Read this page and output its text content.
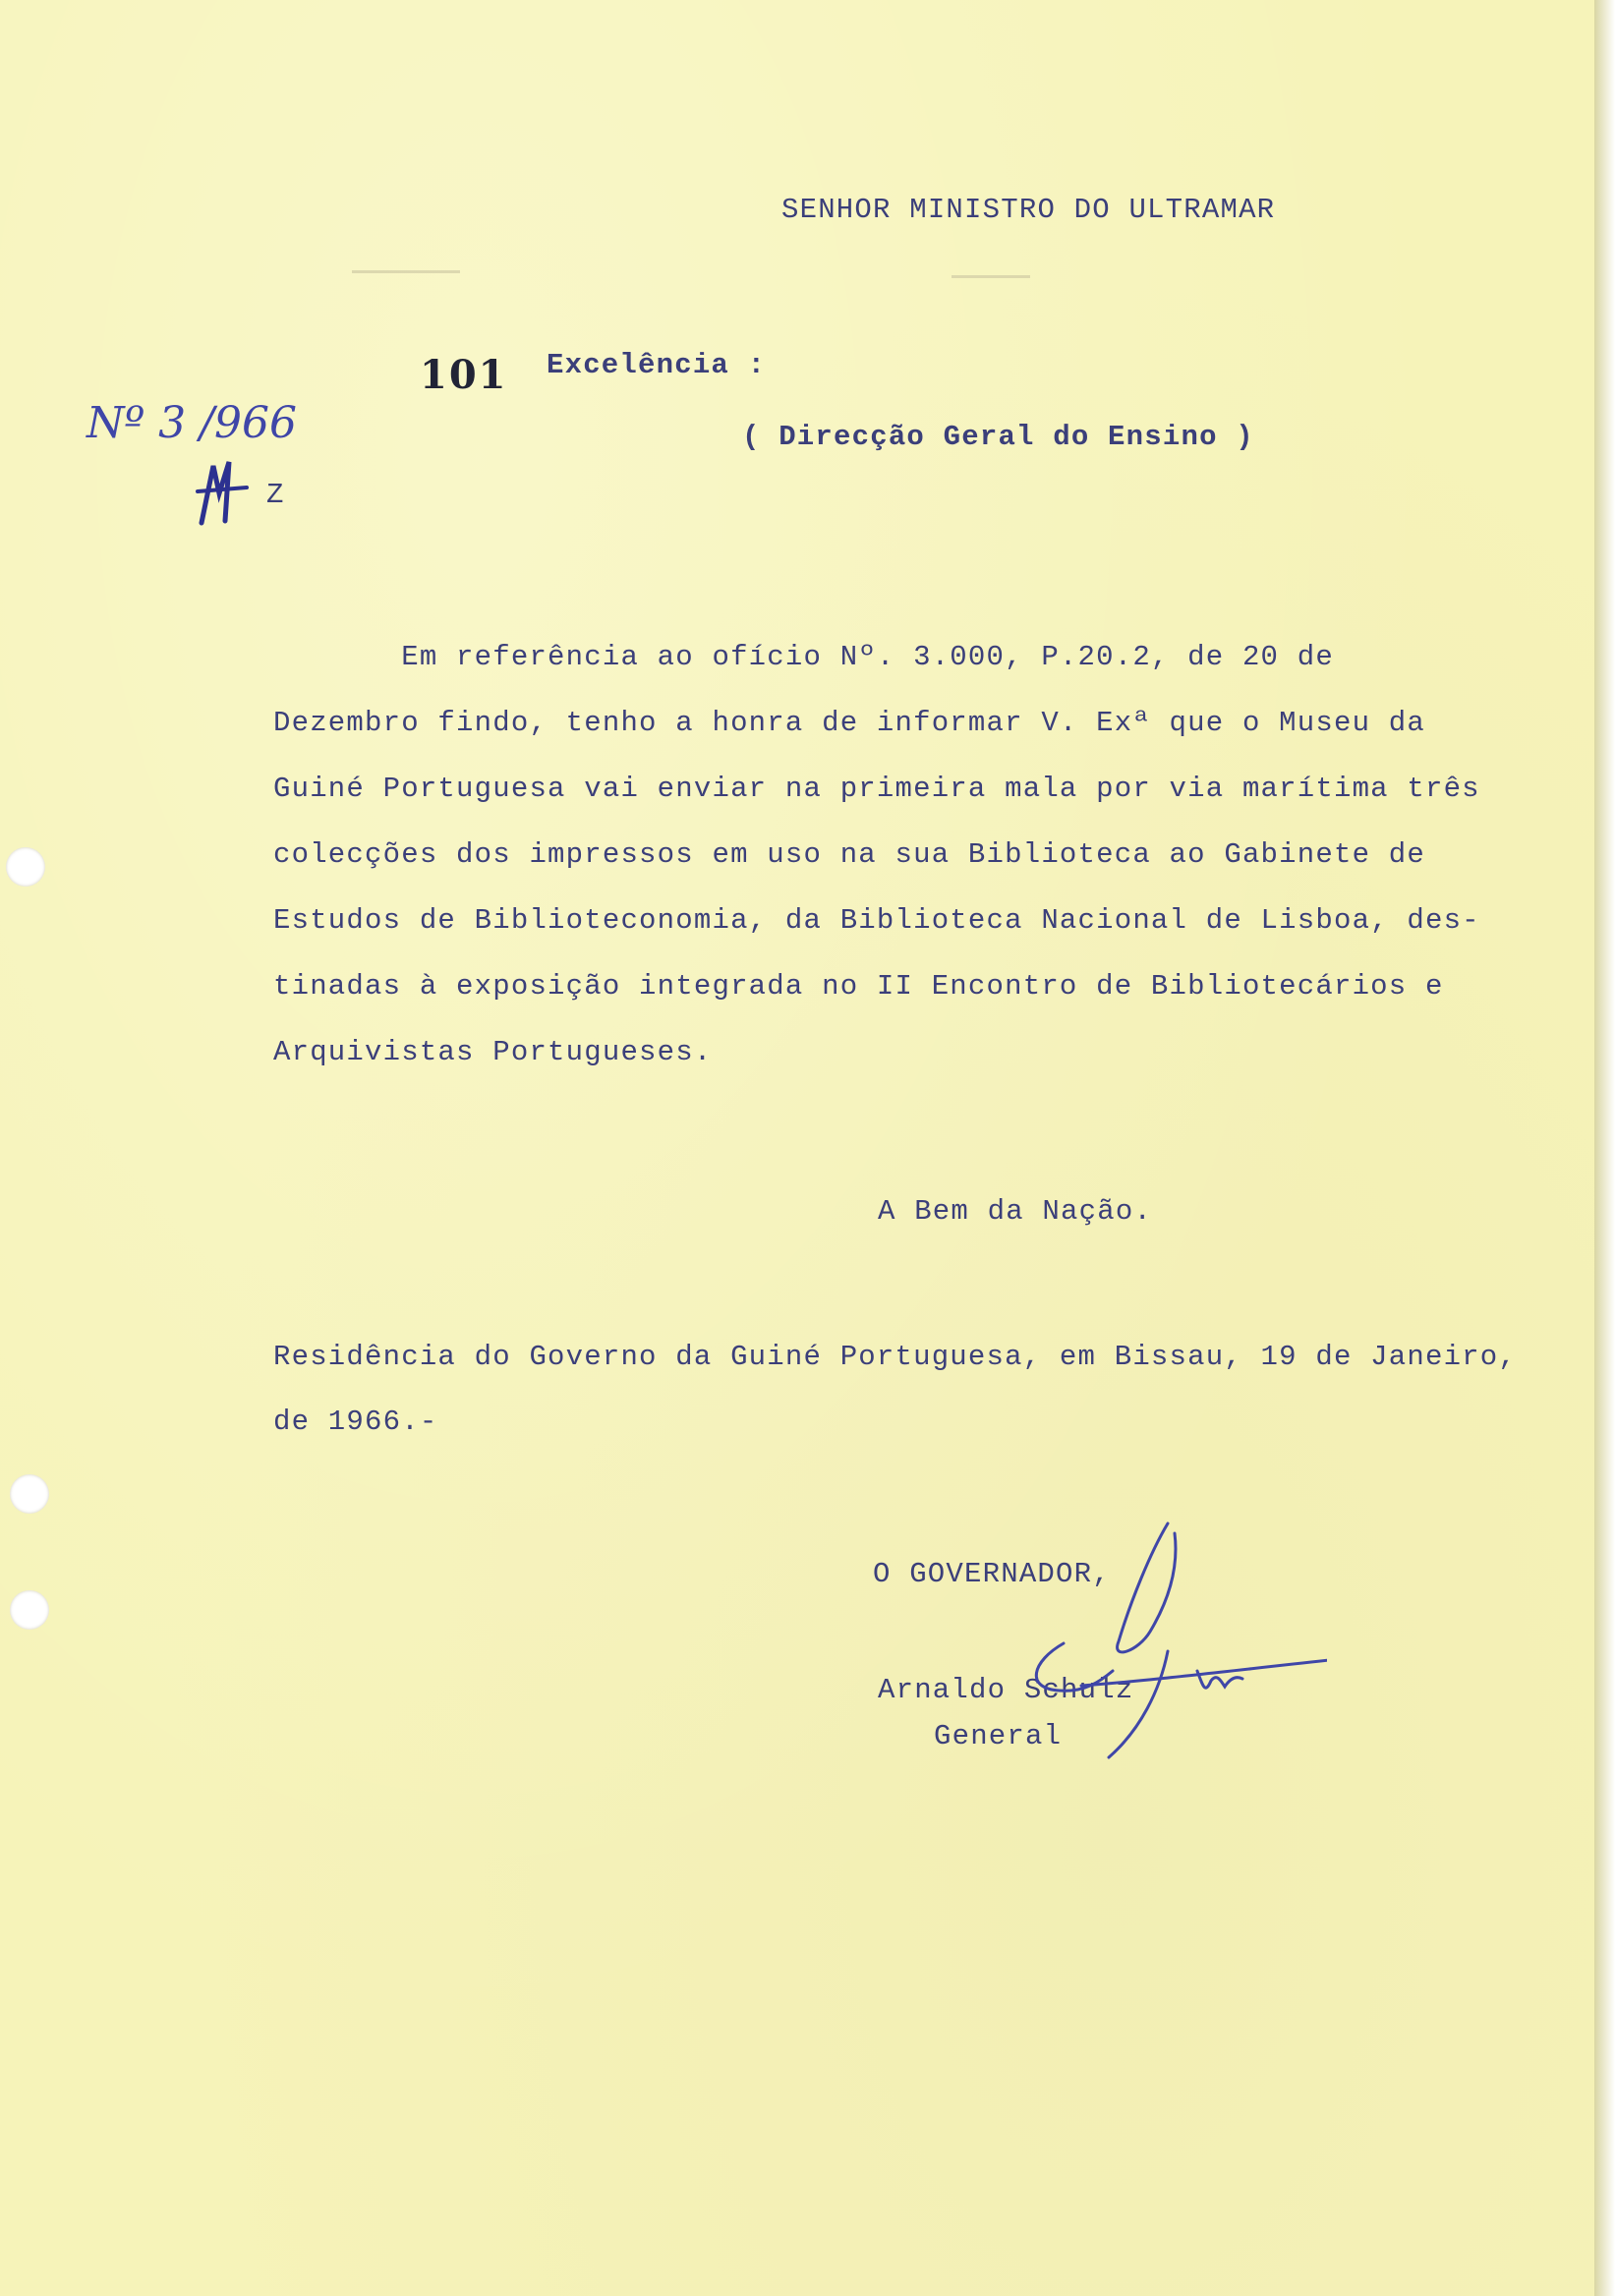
SENHOR MINISTRO DO ULTRAMAR

101 Excelência :

( Direcção Geral do Ensino )

Nº 3 /966

Z

Em referência ao ofício Nº. 3.000, P.20.2, de 20 de
Dezembro findo, tenho a honra de informar V. Exª que o Museu da
Guiné Portuguesa vai enviar na primeira mala por via marítima três
colecções dos impressos em uso na sua Biblioteca ao Gabinete de
Estudos de Biblioteconomia, da Biblioteca Nacional de Lisboa, des-
tinadas à exposição integrada no II Encontro de Bibliotecários e
Arquivistas Portugueses.

A Bem da Nação.

Residência do Governo da Guiné Portuguesa, em Bissau, 19 de Janeiro,

de 1966.-

O GOVERNADOR,

Arnaldo Schulz

General
